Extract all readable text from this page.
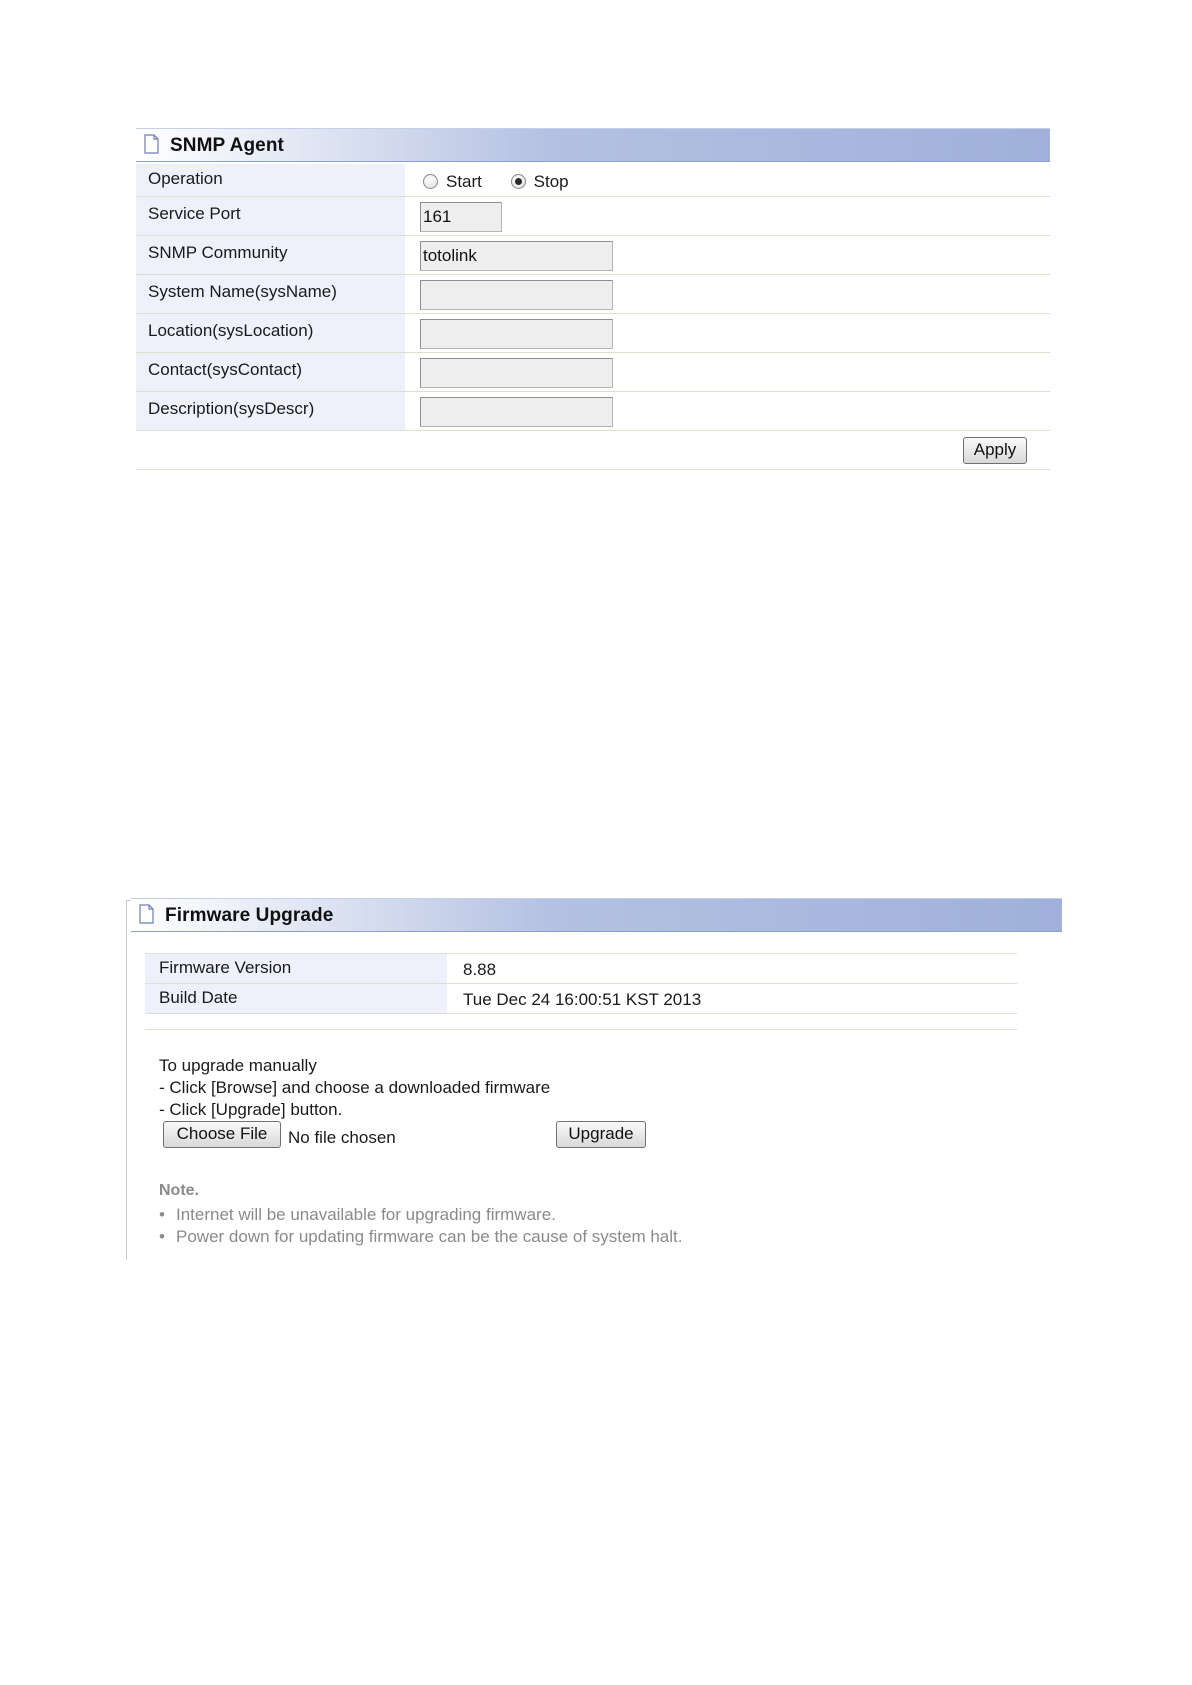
SNMP Agent
Operation	Start	Stop
Service Port	161
SNMP Community	totolink
System Name(sysName)
Location(sysLocation)
Contact(sysContact)
Description(sysDescr)
Apply
Firmware Upgrade
Firmware Version	8.88
Build Date	Tue Dec 24 16:00:51 KST 2013
To upgrade manually
- Click [Browse] and choose a downloaded firmware
- Click [Upgrade] button.
Choose File	No file chosen	Upgrade
Note.
• Internet will be unavailable for upgrading firmware.
• Power down for updating firmware can be the cause of system halt.
